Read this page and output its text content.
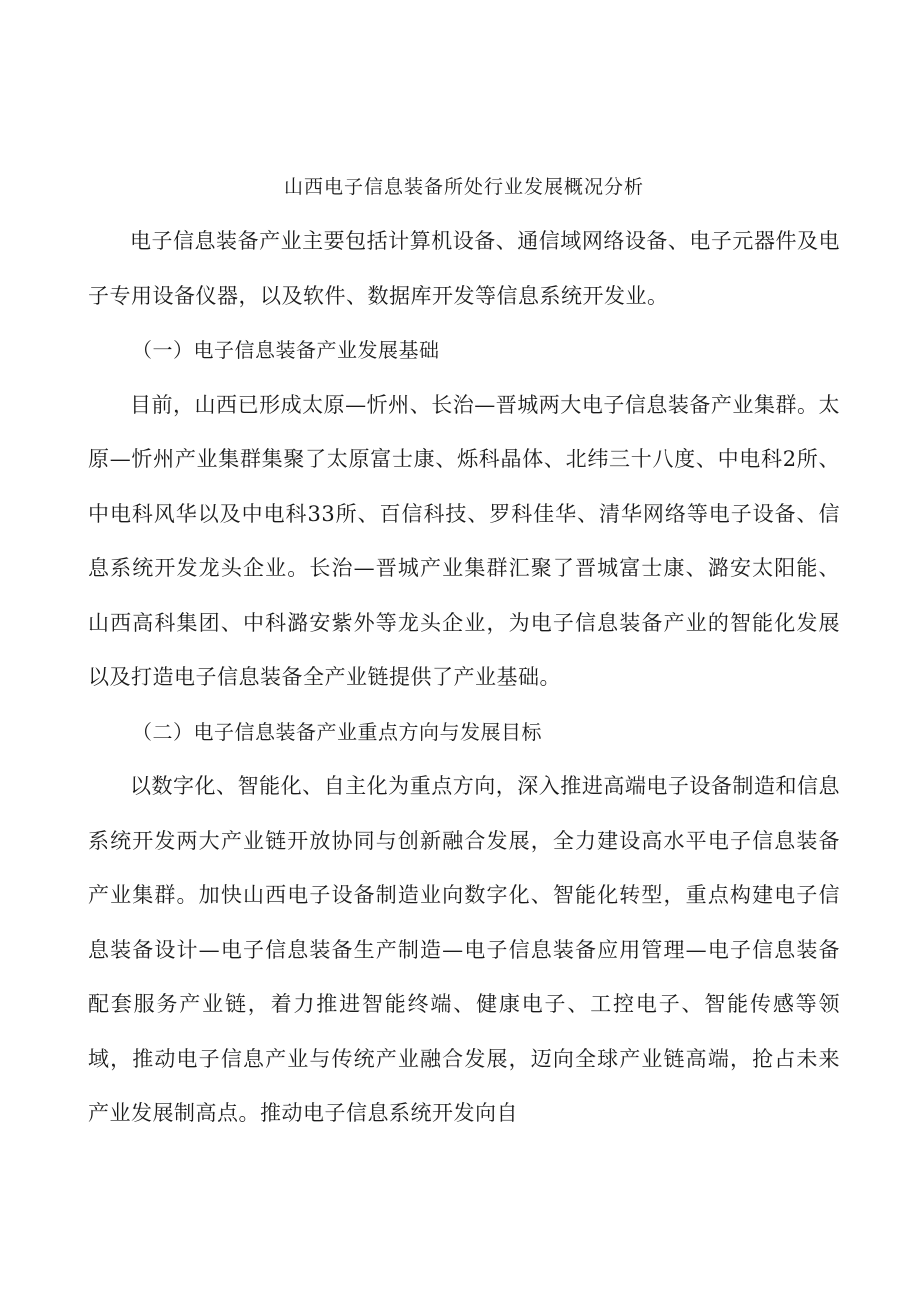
山西电子信息装备所处行业发展概况分析

电子信息装备产业主要包括计算机设备、通信域网络设备、电子元器件及电子专用设备仪器，以及软件、数据库开发等信息系统开发业。

（一）电子信息装备产业发展基础

目前，山西已形成太原—忻州、长治—晋城两大电子信息装备产业集群。太原—忻州产业集群集聚了太原富士康、烁科晶体、北纬三十八度、中电科2所、中电科风华以及中电科33所、百信科技、罗科佳华、清华网络等电子设备、信息系统开发龙头企业。长治—晋城产业集群汇聚了晋城富士康、潞安太阳能、山西高科集团、中科潞安紫外等龙头企业，为电子信息装备产业的智能化发展以及打造电子信息装备全产业链提供了产业基础。

（二）电子信息装备产业重点方向与发展目标

以数字化、智能化、自主化为重点方向，深入推进高端电子设备制造和信息系统开发两大产业链开放协同与创新融合发展，全力建设高水平电子信息装备产业集群。加快山西电子设备制造业向数字化、智能化转型，重点构建电子信息装备设计—电子信息装备生产制造—电子信息装备应用管理—电子信息装备配套服务产业链，着力推进智能终端、健康电子、工控电子、智能传感等领域，推动电子信息产业与传统产业融合发展，迈向全球产业链高端，抢占未来产业发展制高点。推动电子信息系统开发向自
